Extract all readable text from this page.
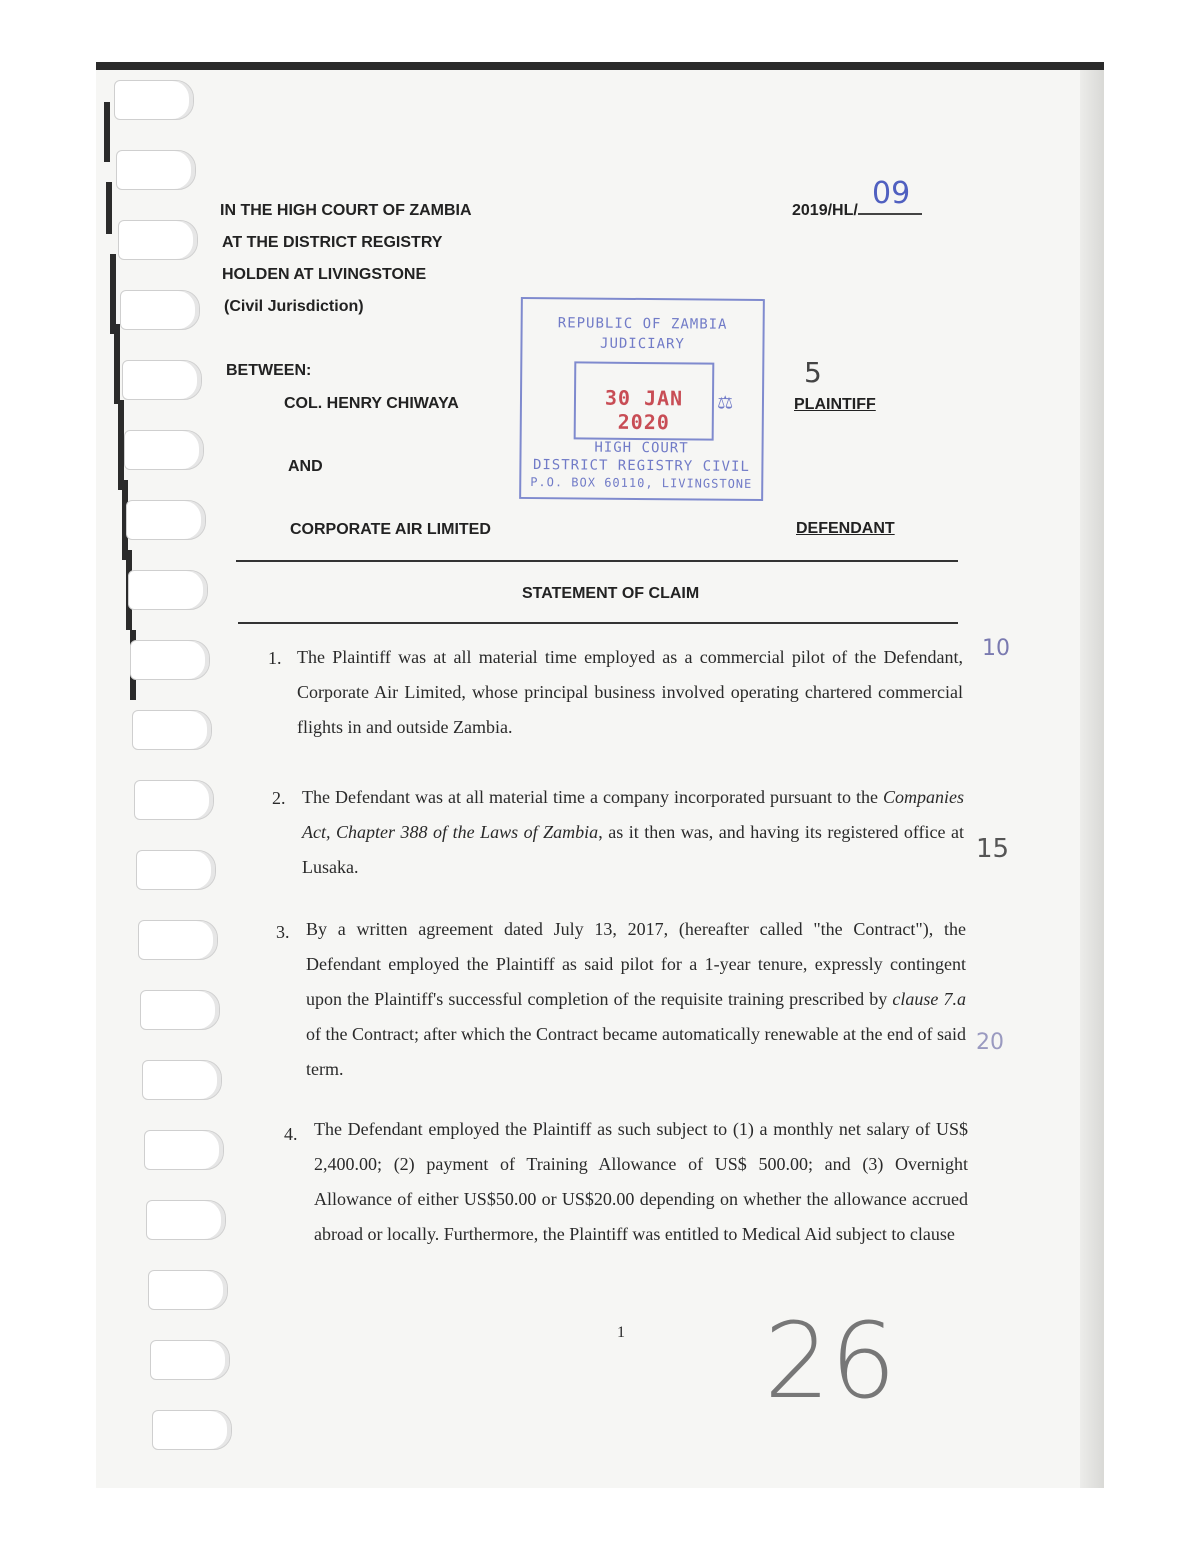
IN THE HIGH COURT OF ZAMBIA
AT THE DISTRICT REGISTRY
HOLDEN AT LIVINGSTONE
(Civil Jurisdiction)
2019/HL/ 09
BETWEEN:
COL. HENRY CHIWAYA	PLAINTIFF
5
AND
CORPORATE AIR LIMITED	DEFENDANT
REPUBLIC OF ZAMBIA
JUDICIARY
30 JAN 2020
⚖
HIGH COURT
DISTRICT REGISTRY CIVIL
P.O. BOX 60110, LIVINGSTONE
STATEMENT OF CLAIM
1. The Plaintiff was at all material time employed as a commercial pilot of the Defendant, Corporate Air Limited, whose principal business involved operating chartered commercial flights in and outside Zambia.
2. The Defendant was at all material time a company incorporated pursuant to the Companies Act, Chapter 388 of the Laws of Zambia, as it then was, and having its registered office at Lusaka.
3. By a written agreement dated July 13, 2017, (hereafter called "the Contract"), the Defendant employed the Plaintiff as said pilot for a 1-year tenure, expressly contingent upon the Plaintiff's successful completion of the requisite training prescribed by clause 7.a of the Contract; after which the Contract became automatically renewable at the end of said term.
4. The Defendant employed the Plaintiff as such subject to (1) a monthly net salary of US$ 2,400.00; (2) payment of Training Allowance of US$ 500.00; and (3) Overnight Allowance of either US$50.00 or US$20.00 depending on whether the allowance accrued abroad or locally. Furthermore, the Plaintiff was entitled to Medical Aid subject to clause
10
15
20
1 26
